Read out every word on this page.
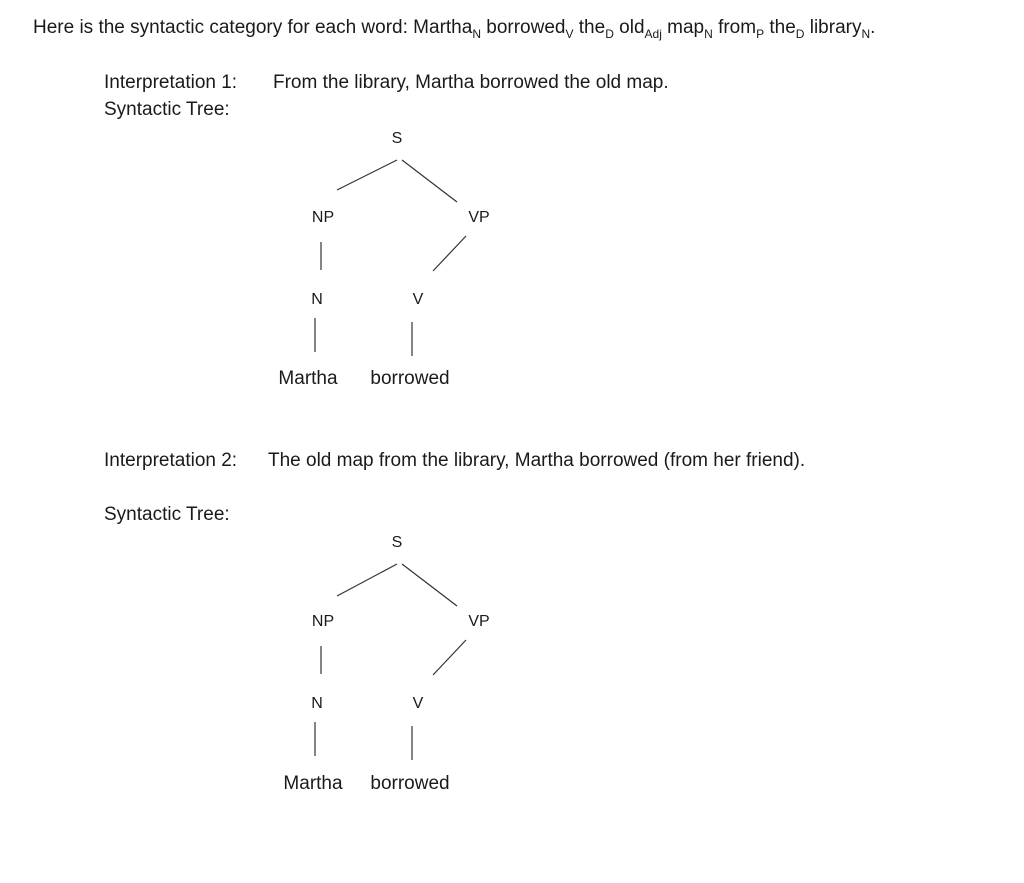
Here is the syntactic category for each word: Martha$_N$ borrowed$_V$ the$_D$ old$_{Adj}$ map$_N$ from$_P$ the$_D$ library$_N$.
Interpretation 1: From the library, Martha borrowed the old map.
Syntactic Tree:
S
NP	VP
N	V
Martha borrowed
Interpretation 2: The old map from the library, Martha borrowed (from her friend).
Syntactic Tree:
S
NP	VP
N	V
Martha borrowed
